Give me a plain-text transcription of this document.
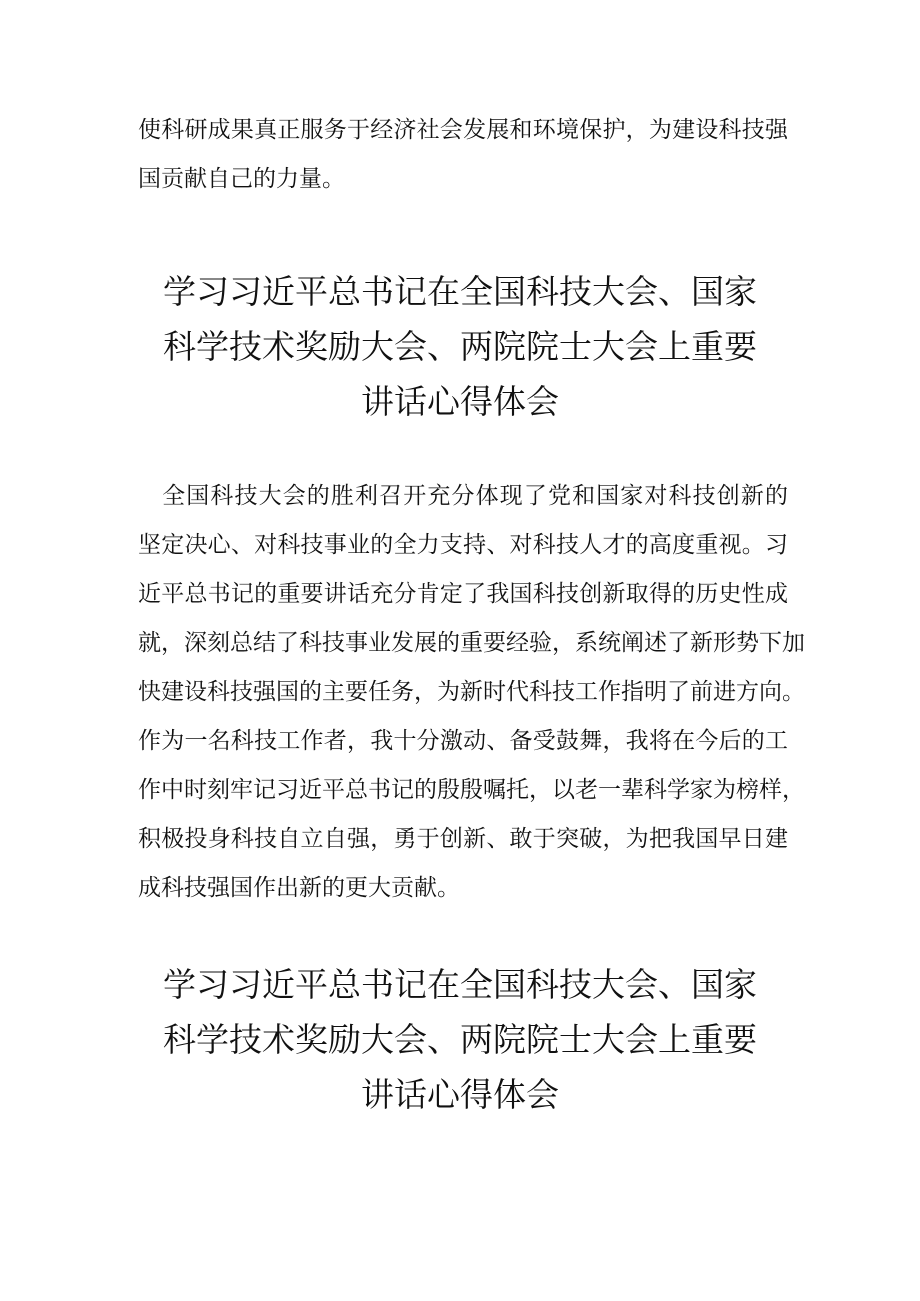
使科研成果真正服务于经济社会发展和环境保护，为建设科技强
国贡献自己的力量。
学习习近平总书记在全国科技大会、国家
科学技术奖励大会、两院院士大会上重要
讲话心得体会
　全国科技大会的胜利召开充分体现了党和国家对科技创新的
坚定决心、对科技事业的全力支持、对科技人才的高度重视。习
近平总书记的重要讲话充分肯定了我国科技创新取得的历史性成
就，深刻总结了科技事业发展的重要经验，系统阐述了新形势下加
快建设科技强国的主要任务，为新时代科技工作指明了前进方向。
作为一名科技工作者，我十分激动、备受鼓舞，我将在今后的工
作中时刻牢记习近平总书记的殷殷嘱托，以老一辈科学家为榜样，
积极投身科技自立自强，勇于创新、敢于突破，为把我国早日建
成科技强国作出新的更大贡献。
学习习近平总书记在全国科技大会、国家
科学技术奖励大会、两院院士大会上重要
讲话心得体会
